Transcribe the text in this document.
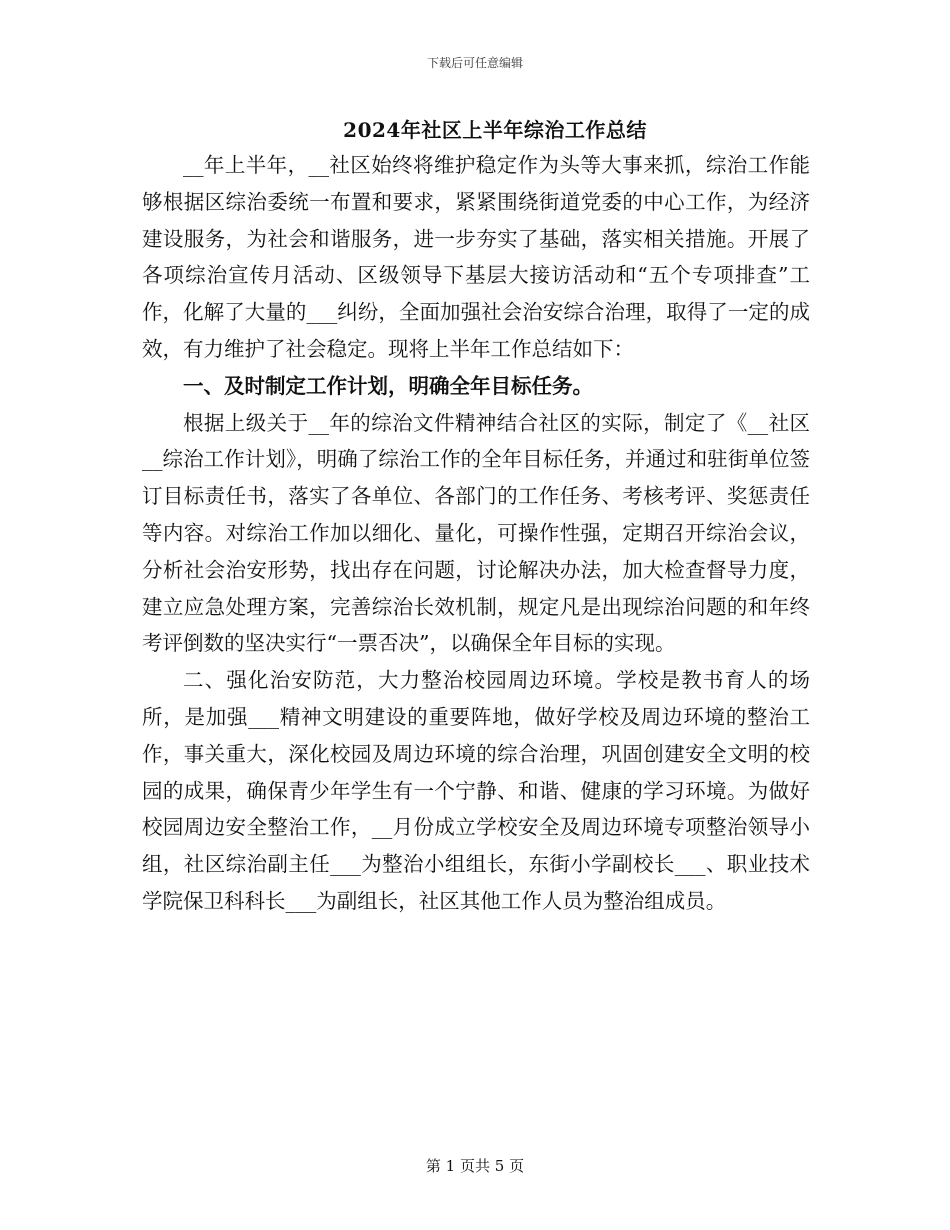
下载后可任意编辑
2024年社区上半年综治工作总结

__年上半年，__社区始终将维护稳定作为头等大事来抓，综治工作能够根据区综治委统一布置和要求，紧紧围绕街道党委的中心工作，为经济建设服务，为社会和谐服务，进一步夯实了基础，落实相关措施。开展了各项综治宣传月活动、区级领导下基层大接访活动和“五个专项排查”工作，化解了大量的___纠纷，全面加强社会治安综合治理，取得了一定的成效，有力维护了社会稳定。现将上半年工作总结如下：

一、及时制定工作计划，明确全年目标任务。

根据上级关于__年的综治文件精神结合社区的实际，制定了《__社区__综治工作计划》，明确了综治工作的全年目标任务，并通过和驻街单位签订目标责任书，落实了各单位、各部门的工作任务、考核考评、奖惩责任等内容。对综治工作加以细化、量化，可操作性强，定期召开综治会议，分析社会治安形势，找出存在问题，讨论解决办法，加大检查督导力度，建立应急处理方案，完善综治长效机制，规定凡是出现综治问题的和年终考评倒数的坚决实行“一票否决”，以确保全年目标的实现。

二、强化治安防范，大力整治校园周边环境。学校是教书育人的场所，是加强___精神文明建设的重要阵地，做好学校及周边环境的整治工作，事关重大，深化校园及周边环境的综合治理，巩固创建安全文明的校园的成果，确保青少年学生有一个宁静、和谐、健康的学习环境。为做好校园周边安全整治工作，__月份成立学校安全及周边环境专项整治领导小组，社区综治副主任___为整治小组组长，东街小学副校长___、职业技术学院保卫科科长___为副组长，社区其他工作人员为整治组成员。

第 1 页共 5 页
